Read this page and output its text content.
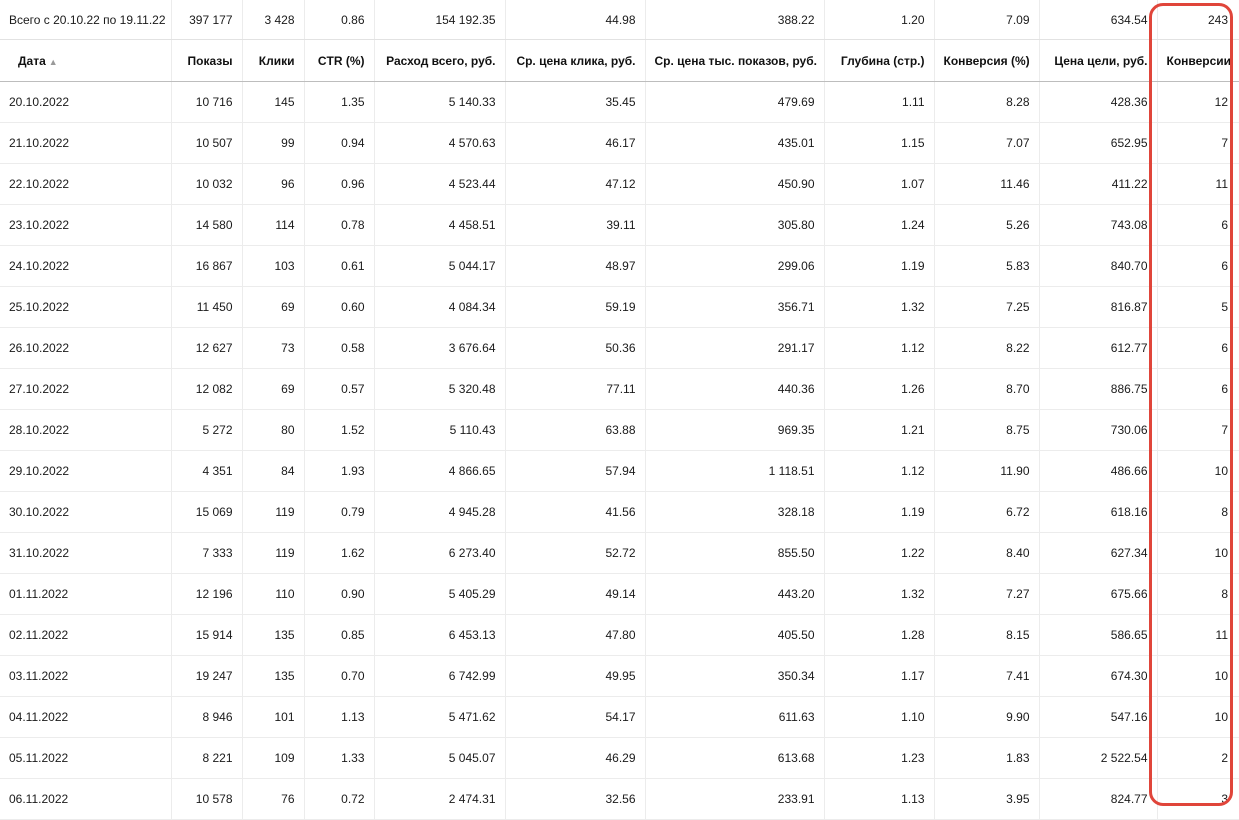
Всего с 20.10.22 по 19.11.22	397 177	3 428	0.86	154 192.35	44.98	388.22	1.20	7.09	634.54	243
Дата ▲	Показы	Клики	CTR (%)	Расход всего, руб.	Ср. цена клика, руб.	Ср. цена тыс. показов, руб.	Глубина (стр.)	Конверсия (%)	Цена цели, руб.	Конверсии
20.10.2022	10 716	145	1.35	5 140.33	35.45	479.69	1.11	8.28	428.36	12
21.10.2022	10 507	99	0.94	4 570.63	46.17	435.01	1.15	7.07	652.95	7
22.10.2022	10 032	96	0.96	4 523.44	47.12	450.90	1.07	11.46	411.22	11
23.10.2022	14 580	114	0.78	4 458.51	39.11	305.80	1.24	5.26	743.08	6
24.10.2022	16 867	103	0.61	5 044.17	48.97	299.06	1.19	5.83	840.70	6
25.10.2022	11 450	69	0.60	4 084.34	59.19	356.71	1.32	7.25	816.87	5
26.10.2022	12 627	73	0.58	3 676.64	50.36	291.17	1.12	8.22	612.77	6
27.10.2022	12 082	69	0.57	5 320.48	77.11	440.36	1.26	8.70	886.75	6
28.10.2022	5 272	80	1.52	5 110.43	63.88	969.35	1.21	8.75	730.06	7
29.10.2022	4 351	84	1.93	4 866.65	57.94	1 118.51	1.12	11.90	486.66	10
30.10.2022	15 069	119	0.79	4 945.28	41.56	328.18	1.19	6.72	618.16	8
31.10.2022	7 333	119	1.62	6 273.40	52.72	855.50	1.22	8.40	627.34	10
01.11.2022	12 196	110	0.90	5 405.29	49.14	443.20	1.32	7.27	675.66	8
02.11.2022	15 914	135	0.85	6 453.13	47.80	405.50	1.28	8.15	586.65	11
03.11.2022	19 247	135	0.70	6 742.99	49.95	350.34	1.17	7.41	674.30	10
04.11.2022	8 946	101	1.13	5 471.62	54.17	611.63	1.10	9.90	547.16	10
05.11.2022	8 221	109	1.33	5 045.07	46.29	613.68	1.23	1.83	2 522.54	2
06.11.2022	10 578	76	0.72	2 474.31	32.56	233.91	1.13	3.95	824.77	3
